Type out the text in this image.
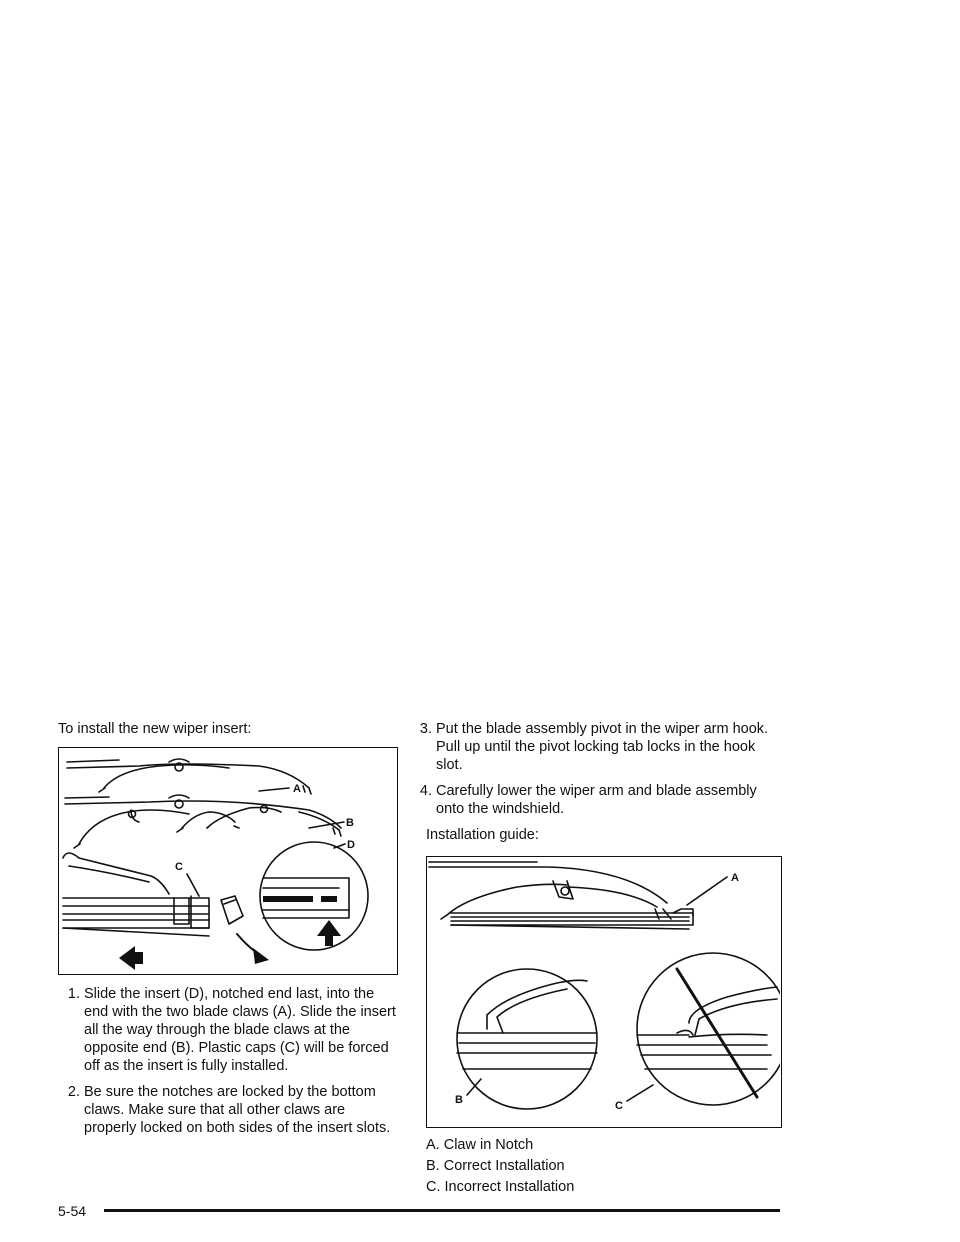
To install the new wiper insert:

A
B
C
D
1. Slide the insert (D), notched end last, into the end with the two blade claws (A). Slide the insert all the way through the blade claws at the opposite end (B). Plastic caps (C) will be forced off as the insert is fully installed.
2. Be sure the notches are locked by the bottom claws. Make sure that all other claws are properly locked on both sides of the insert slots.
3. Put the blade assembly pivot in the wiper arm hook. Pull up until the pivot locking tab locks in the hook slot.
4. Carefully lower the wiper arm and blade assembly onto the windshield.

Installation guide:

A
B	C
A. Claw in Notch
B. Correct Installation
C. Incorrect Installation
5-54
